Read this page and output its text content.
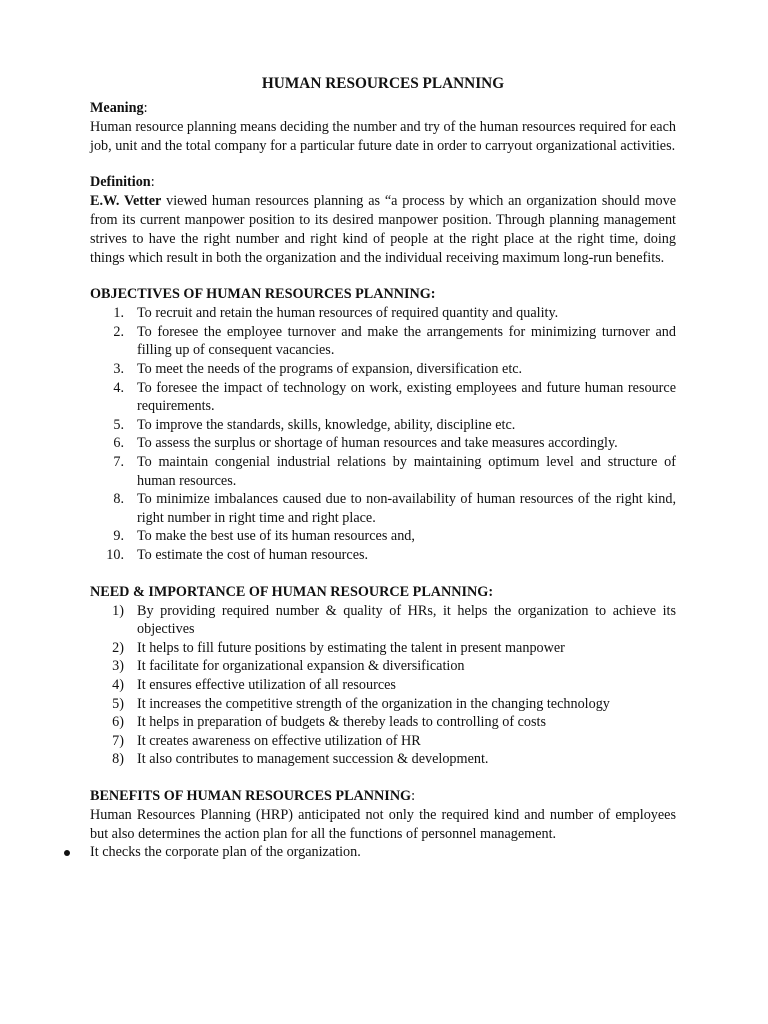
HUMAN RESOURCES PLANNING
Meaning:

Human resource planning means deciding the number and try of the human resources required for each job, unit and the total company for a particular future date in order to carryout organizational activities.

Definition:

E.W. Vetter viewed human resources planning as “a process by which an organization should move from its current manpower position to its desired manpower position. Through planning management strives to have the right number and right kind of people at the right place at the right time, doing things which result in both the organization and the individual receiving maximum long-run benefits.

OBJECTIVES OF HUMAN RESOURCES PLANNING:
1. To recruit and retain the human resources of required quantity and quality.
2. To foresee the employee turnover and make the arrangements for minimizing turnover and filling up of consequent vacancies.
3. To meet the needs of the programs of expansion, diversification etc.
4. To foresee the impact of technology on work, existing employees and future human resource requirements.
5. To improve the standards, skills, knowledge, ability, discipline etc.
6. To assess the surplus or shortage of human resources and take measures accordingly.
7. To maintain congenial industrial relations by maintaining optimum level and structure of human resources.
8. To minimize imbalances caused due to non-availability of human resources of the right kind, right number in right time and right place.
9. To make the best use of its human resources and,
10. To estimate the cost of human resources.
NEED & IMPORTANCE OF HUMAN RESOURCE PLANNING:
1) By providing required number & quality of HRs, it helps the organization to achieve its objectives
2) It helps to fill future positions by estimating the talent in present manpower
3) It facilitate for organizational expansion & diversification
4) It ensures effective utilization of all resources
5) It increases the competitive strength of the organization in the changing technology
6) It helps in preparation of budgets & thereby leads to controlling of costs
7) It creates awareness on effective utilization of HR
8) It also contributes to management succession & development.
BENEFITS OF HUMAN RESOURCES PLANNING:

Human Resources Planning (HRP) anticipated not only the required kind and number of employees but also determines the action plan for all the functions of personnel management.

It checks the corporate plan of the organization.
